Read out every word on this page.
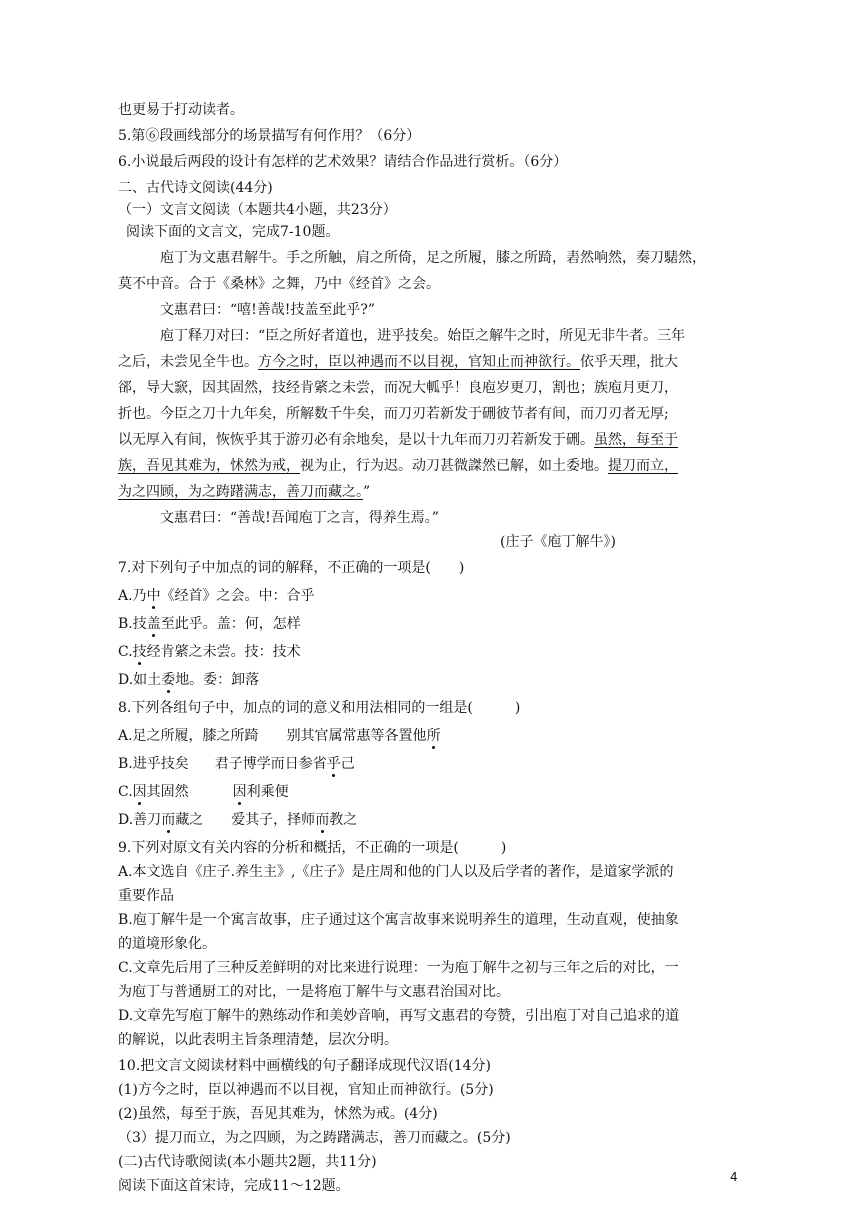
也更易于打动读者。
5.第⑥段画线部分的场景描写有何作用？（6分）
6.小说最后两段的设计有怎样的艺术效果？请结合作品进行赏析。（6分）
二、古代诗文阅读(44分)
（一）文言文阅读（本题共4小题，共23分）
阅读下面的文言文，完成7-10题。
庖丁为文惠君解牛。手之所触，肩之所倚，足之所履，膝之所踦，砉然响然，奏刀騞然，
莫不中音。合于《桑林》之舞，乃中《经首》之会。
文惠君曰：“嘻!善哉!技盖至此乎?”
庖丁释刀对曰：“臣之所好者道也，进乎技矣。始臣之解牛之时，所见无非牛者。三年
之后，未尝见全牛也。方今之时，臣以神遇而不以目视，官知止而神欲行。依乎天理，批大
郤，导大窾，因其固然，技经肯綮之未尝，而况大軱乎！良庖岁更刀，割也；族庖月更刀，
折也。今臣之刀十九年矣，所解数千牛矣，而刀刃若新发于硎彼节者有间，而刀刃者无厚;
以无厚入有间，恢恢乎其于游刃必有余地矣，是以十九年而刀刃若新发于硎。虽然，每至于
族，吾见其难为，怵然为戒，视为止，行为迟。动刀甚微謋然已解，如土委地。提刀而立，
为之四顾，为之踌躇满志，善刀而藏之。”
文惠君曰：“善哉!吾闻庖丁之言，得养生焉。”
(庄子《庖丁解牛》)
7.对下列句子中加点的词的解释，不正确的一项是(　　)
A.乃中《经首》之会。中：合乎
B.技盖至此乎。盖：何，怎样
C.技经肯綮之未尝。技：技术
D.如土委地。委：卸落
8.下列各组句子中，加点的词的意义和用法相同的一组是(　　　)
A.足之所履，膝之所踦 别其官属常惠等各置他所
B.进乎技矣 君子博学而日参省乎己
C.因其固然	因利乘便
D.善刀而藏之 爱其子，择师而教之
9.下列对原文有关内容的分析和概括，不正确的一项是(　　　)
A.本文选自《庄子.养生主》,《庄子》是庄周和他的门人以及后学者的著作，是道家学派的
重要作品
B.庖丁解牛是一个寓言故事，庄子通过这个寓言故事来说明养生的道理，生动直观，使抽象
的道境形象化。
C.文章先后用了三种反差鲜明的对比来进行说理：一为庖丁解牛之初与三年之后的对比，一
为庖丁与普通厨工的对比，一是将庖丁解牛与文惠君治国对比。
D.文章先写庖丁解牛的熟练动作和美妙音响，再写文惠君的夸赞，引出庖丁对自己追求的道
的解说，以此表明主旨条理清楚，层次分明。
10.把文言文阅读材料中画横线的句子翻译成现代汉语(14分)
(1)方今之时，臣以神遇而不以目视，官知止而神欲行。(5分)
(2)虽然，每至于族，吾见其难为，怵然为戒。(4分)
（3）提刀而立，为之四顾，为之踌躇满志，善刀而藏之。(5分)
(二)古代诗歌阅读(本小题共2题，共11分)
阅读下面这首宋诗，完成11～12题。
4
